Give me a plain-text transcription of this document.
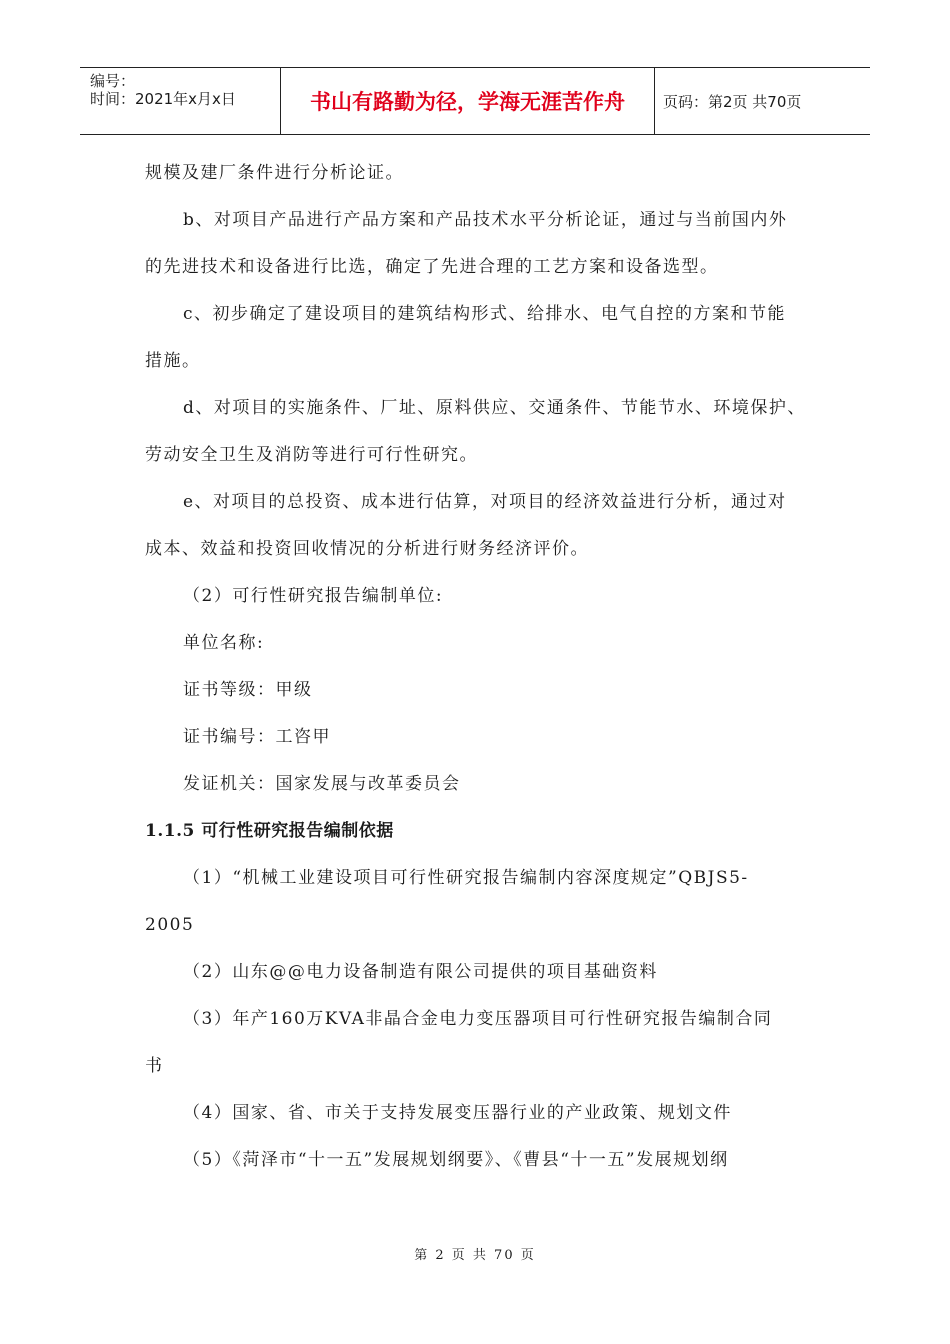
编号：
时间：2021年x月x日	书山有路勤为径，学海无涯苦作舟	页码：第2页 共70页

规模及建厂条件进行分析论证。

b、对项目产品进行产品方案和产品技术水平分析论证，通过与当前国内外

的先进技术和设备进行比选，确定了先进合理的工艺方案和设备选型。

c、初步确定了建设项目的建筑结构形式、给排水、电气自控的方案和节能

措施。

d、对项目的实施条件、厂址、原料供应、交通条件、节能节水、环境保护、

劳动安全卫生及消防等进行可行性研究。

e、对项目的总投资、成本进行估算，对项目的经济效益进行分析，通过对

成本、效益和投资回收情况的分析进行财务经济评价。

（2）可行性研究报告编制单位:

单位名称:

证书等级：甲级

证书编号：工咨甲

发证机关：国家发展与改革委员会

1.1.5 可行性研究报告编制依据

（1）“机械工业建设项目可行性研究报告编制内容深度规定”QBJS5-

2005

（2）山东@@电力设备制造有限公司提供的项目基础资料

（3）年产160万KVA非晶合金电力变压器项目可行性研究报告编制合同

书

（4）国家、省、市关于支持发展变压器行业的产业政策、规划文件

（5）《菏泽市“十一五”发展规划纲要》、《曹县“十一五”发展规划纲

第 2 页 共 70 页
